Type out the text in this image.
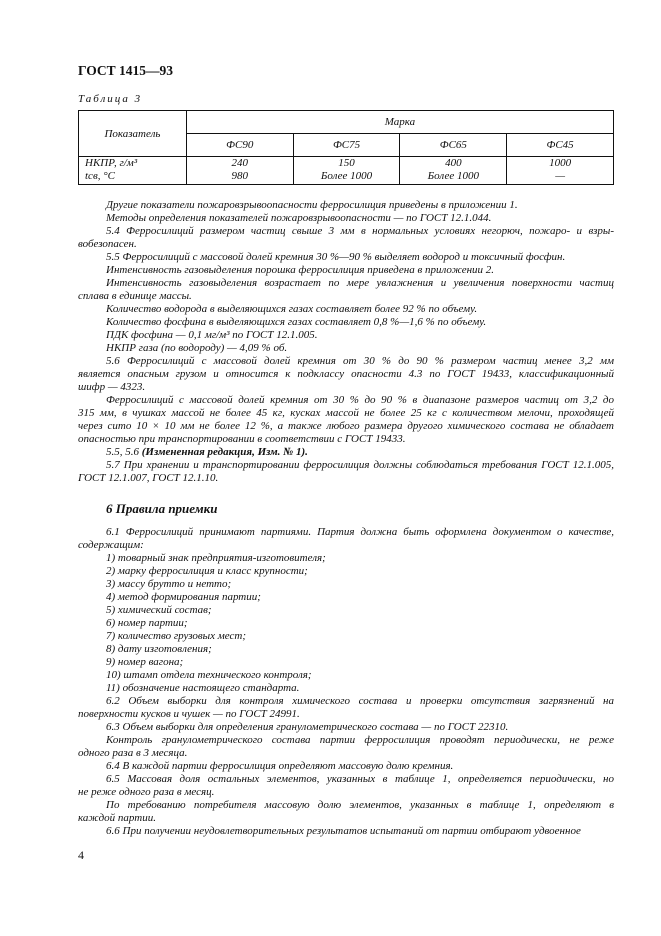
ГОСТ 1415—93
Таблица 3
Показатель	Марка			
	ФС90	ФС75	ФС65	ФС45
НКПР, г/м³	240	150	400	1000
tсв, °С	980	Более 1000	Более 1000	—

Другие показатели пожаровзрывоопасности ферросилиция приведены в приложении 1.

Методы определения показателей пожаровзрывоопасности — по ГОСТ 12.1.044.

5.4 Ферросилиций размером частиц свыше 3 мм в нормальных условиях негорюч, пожаро- и взры-

вобезопасен.

5.5 Ферросилиций с массовой долей кремния 30 %—90 % выделяет водород и токсичный фосфин.

Интенсивность газовыделения порошка ферросилиция приведена в приложении 2.

Интенсивность газовыделения возрастает по мере увлажнения и увеличения поверхности частиц

сплава в единице массы.

Количество водорода в выделяющихся газах составляет более 92 % по объему.

Количество фосфина в выделяющихся газах составляет 0,8 %—1,6 % по объему.

ПДК фосфина — 0,1 мг/м³ по ГОСТ 12.1.005.

НКПР газа (по водороду) — 4,09 % об.

5.6 Ферросилиций с массовой долей кремния от 30 % до 90 % размером частиц менее 3,2 мм

является опасным грузом и относится к подклассу опасности 4.3 по ГОСТ 19433, классификационный

шифр — 4323.

Ферросилиций с массовой долей кремния от 30 % до 90 % в диапазоне размеров частиц от 3,2 до

315 мм, в чушках массой не более 45 кг, кусках массой не более 25 кг с количеством мелочи, проходящей

через сито 10 × 10 мм не более 12 %, а также любого размера другого химического состава не обладает

опасностью при транспортировании в соответствии с ГОСТ 19433.

5.5, 5.6 (Измененная редакция, Изм. № 1).

5.7 При хранении и транспортировании ферросилиция должны соблюдаться требования ГОСТ 12.1.005,

ГОСТ 12.1.007, ГОСТ 12.1.10.

6 Правила приемки

6.1 Ферросилиций принимают партиями. Партия должна быть оформлена документом о качестве,

содержащим:

1) товарный знак предприятия-изготовителя;

2) марку ферросилиция и класс крупности;

3) массу брутто и нетто;

4) метод формирования партии;

5) химический состав;

6) номер партии;

7) количество грузовых мест;

8) дату изготовления;

9) номер вагона;

10) штамп отдела технического контроля;

11) обозначение настоящего стандарта.

6.2 Объем выборки для контроля химического состава и проверки отсутствия загрязнений на

поверхности кусков и чушек — по ГОСТ 24991.

6.3 Объем выборки для определения гранулометрического состава — по ГОСТ 22310.

Контроль гранулометрического состава партии ферросилиция проводят периодически, не реже

одного раза в 3 месяца.

6.4 В каждой партии ферросилиция определяют массовую долю кремния.

6.5 Массовая доля остальных элементов, указанных в таблице 1, определяется периодически, но

не реже одного раза в месяц.

По требованию потребителя массовую долю элементов, указанных в таблице 1, определяют в

каждой партии.

6.6 При получении неудовлетворительных результатов испытаний от партии отбирают удвоенное

4
